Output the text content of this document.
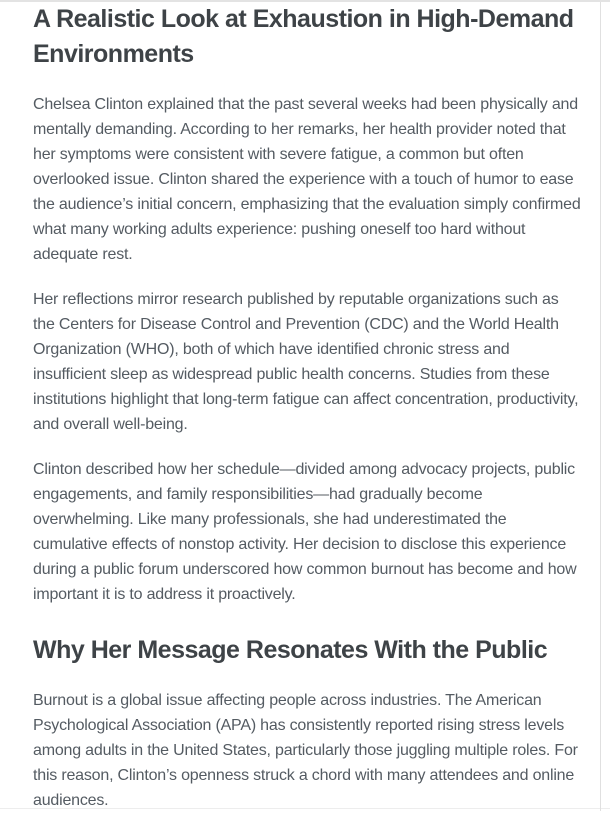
A Realistic Look at Exhaustion in High-Demand Environments

Chelsea Clinton explained that the past several weeks had been physically and mentally demanding. According to her remarks, her health provider noted that her symptoms were consistent with severe fatigue, a common but often overlooked issue. Clinton shared the experience with a touch of humor to ease the audience’s initial concern, emphasizing that the evaluation simply confirmed what many working adults experience: pushing oneself too hard without adequate rest.

Her reflections mirror research published by reputable organizations such as the Centers for Disease Control and Prevention (CDC) and the World Health Organization (WHO), both of which have identified chronic stress and insufficient sleep as widespread public health concerns. Studies from these institutions highlight that long-term fatigue can affect concentration, productivity, and overall well-being.

Clinton described how her schedule—divided among advocacy projects, public engagements, and family responsibilities—had gradually become overwhelming. Like many professionals, she had underestimated the cumulative effects of nonstop activity. Her decision to disclose this experience during a public forum underscored how common burnout has become and how important it is to address it proactively.

Why Her Message Resonates With the Public

Burnout is a global issue affecting people across industries. The American Psychological Association (APA) has consistently reported rising stress levels among adults in the United States, particularly those juggling multiple roles. For this reason, Clinton’s openness struck a chord with many attendees and online audiences.
